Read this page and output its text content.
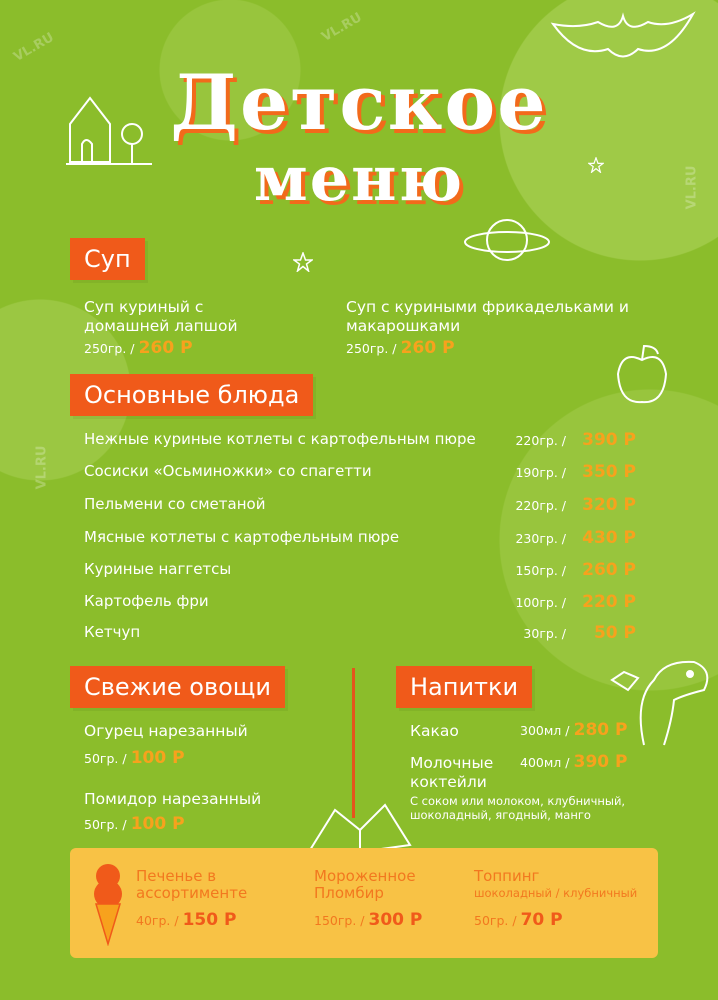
VL.RU
VL.RU
VL.RU
VL.RU
Детское
меню
Суп
Суп куриный с домашней лапшой
250гр. / 260 Р
Суп с куриными фрикадельками и макарошками
250гр. / 260 Р
Основные блюда
Нежные куриные котлеты с картофельным пюре	220гр. / 390 Р
Сосиски «Осьминожки» со спагетти	190гр. / 350 Р
Пельмени со сметаной	220гр. / 320 Р
Мясные котлеты с картофельным пюре	230гр. / 430 Р
Куриные наггетсы	150гр. / 260 Р
Картофель фри	100гр. / 220 Р
Кетчуп	30гр. / 50 Р
Свежие овощи
Огурец нарезанный
50гр. / 100 Р
Помидор нарезанный
50гр. / 100 Р
Напитки
Какао	300мл / 280 Р
Молочные коктейли
400мл / 390 Р
С соком или молоком, клубничный, шоколадный, ягодный, манго
Печенье в ассортименте
40гр. / 150 Р
Мороженное Пломбир
150гр. / 300 Р
Топпинг
шоколадный / клубничный
50гр. / 70 Р
